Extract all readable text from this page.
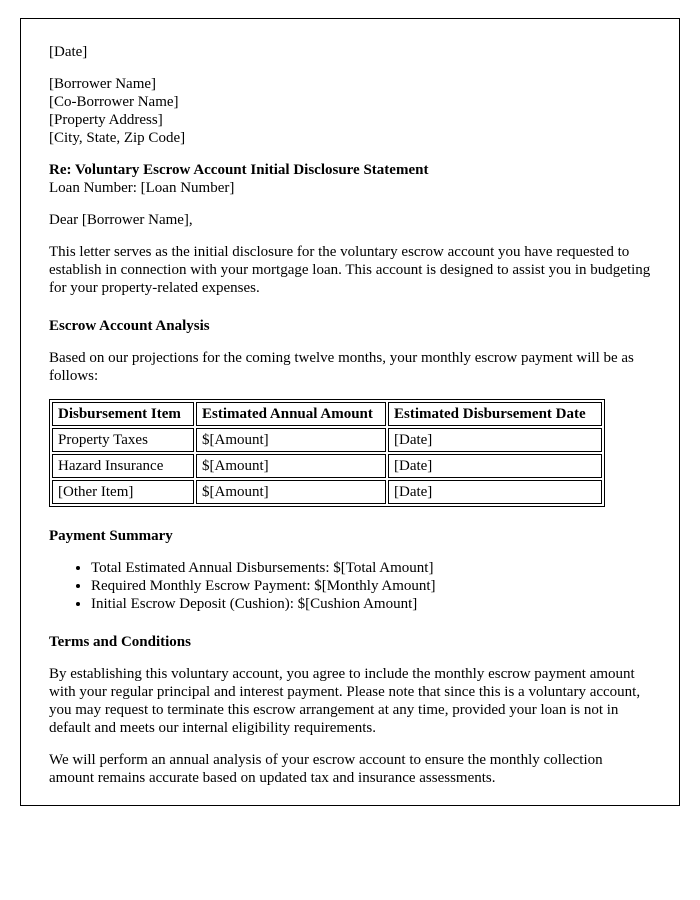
[Date]

[Borrower Name]
[Co-Borrower Name]
[Property Address]
[City, State, Zip Code]
Re: Voluntary Escrow Account Initial Disclosure Statement
Loan Number: [Loan Number]

Dear [Borrower Name],

This letter serves as the initial disclosure for the voluntary escrow account you have requested to establish in connection with your mortgage loan. This account is designed to assist you in budgeting for your property-related expenses.

Escrow Account Analysis

Based on our projections for the coming twelve months, your monthly escrow payment will be as follows:

Disbursement Item	Estimated Annual Amount	Estimated Disbursement Date
Property Taxes	$[Amount]	[Date]
Hazard Insurance	$[Amount]	[Date]
[Other Item]	$[Amount]	[Date]

Payment Summary

• Total Estimated Annual Disbursements: $[Total Amount]
• Required Monthly Escrow Payment: $[Monthly Amount]
• Initial Escrow Deposit (Cushion): $[Cushion Amount]

Terms and Conditions

By establishing this voluntary account, you agree to include the monthly escrow payment amount with your regular principal and interest payment. Please note that since this is a voluntary account, you may request to terminate this escrow arrangement at any time, provided your loan is not in default and meets our internal eligibility requirements.

We will perform an annual analysis of your escrow account to ensure the monthly collection amount remains accurate based on updated tax and insurance assessments.
